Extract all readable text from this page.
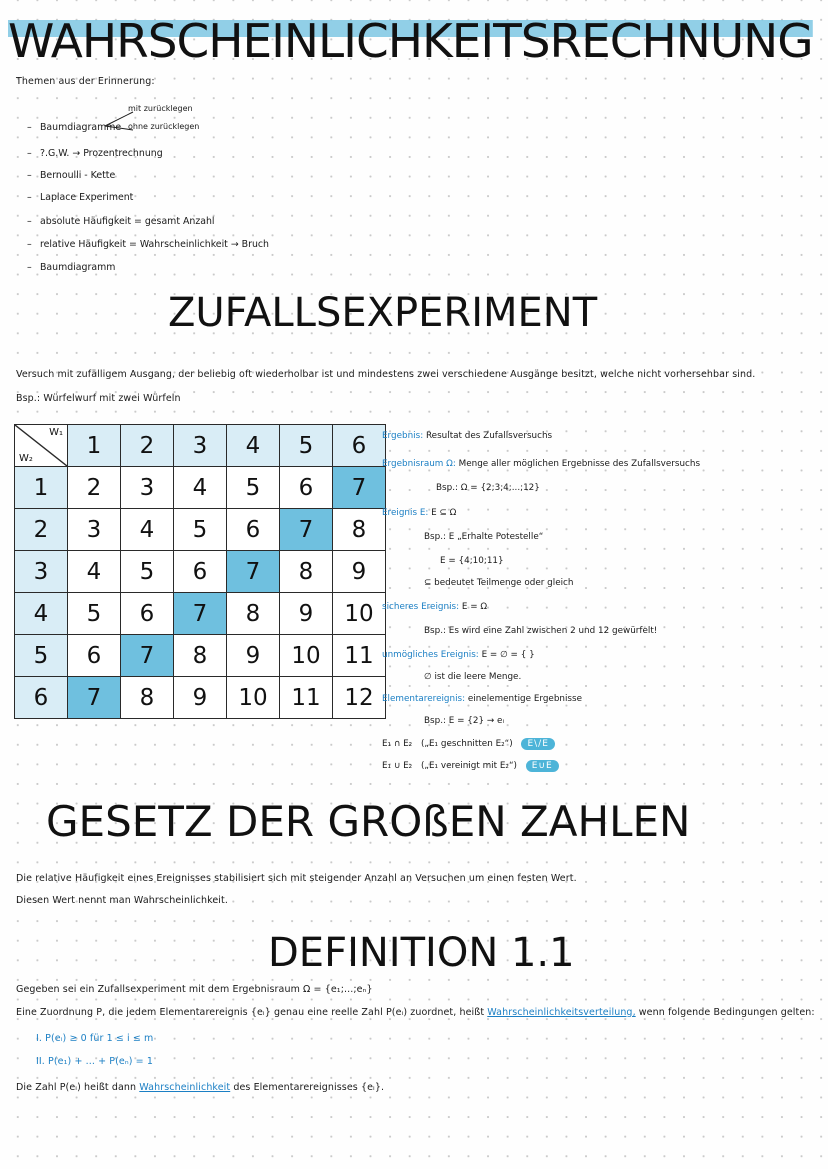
WAHRSCHEINLICHKEITSRECHNUNG
Themen aus der Erinnerung:
– Baumdiagramme
– ?.G.W. → Prozentrechnung
– Bernoulli - Kette
– Laplace Experiment
– absolute Häufigkeit = gesamt Anzahl
– relative Häufigkeit = Wahrscheinlichkeit → Bruch
– Baumdiagramm
mit zurücklegen
ohne zurücklegen
ZUFALLSEXPERIMENT
Versuch mit zufälligem Ausgang, der beliebig oft wiederholbar ist und mindestens zwei verschiedene Ausgänge besitzt, welche nicht vorhersehbar sind.
Bsp.: Würfelwurf mit zwei Würfeln
W₁
W₂	1	2	3	4	5	6
1	2	3	4	5	6	7
2	3	4	5	6	7	8
3	4	5	6	7	8	9
4	5	6	7	8	9	10
5	6	7	8	9	10	11
6	7	8	9	10	11	12
Ergebnis: Resultat des Zufallsversuchs
Ergebnisraum Ω: Menge aller möglichen Ergebnisse des Zufallsversuchs
Bsp.: Ω = {2;3;4;...;12}
Ereignis E: E ⊆ Ω
Bsp.: E „Erhalte Potestelle“
E = {4;10;11}
⊆ bedeutet Teilmenge oder gleich
sicheres Ereignis: E = Ω
Bsp.: Es wird eine Zahl zwischen 2 und 12 gewürfelt!
unmögliches Ereignis: E = ∅ = { }
∅ ist die leere Menge.
Elementarereignis: einelementige Ergebnisse
Bsp.: E = {2} → eᵢ
E₁ ∩ E₂ („E₁ geschnitten E₂“) E\/E
E₁ ∪ E₂ („E₁ vereinigt mit E₂“) E∪E
GESETZ DER GROßEN ZAHLEN
Die relative Häufigkeit eines Ereignisses stabilisiert sich mit steigender Anzahl an Versuchen um einen festen Wert.
Diesen Wert nennt man Wahrscheinlichkeit.
DEFINITION 1.1
Gegeben sei ein Zufallsexperiment mit dem Ergebnisraum Ω = {e₁;...;eₙ}
Eine Zuordnung P, die jedem Elementarereignis {eᵢ} genau eine reelle Zahl P(eᵢ) zuordnet, heißt Wahrscheinlichkeitsverteilung, wenn folgende Bedingungen gelten:
I. P(eᵢ) ≥ 0 für 1 ≤ i ≤ m
II. P(e₁) + ... + P(eₙ) = 1
Die Zahl P(eᵢ) heißt dann Wahrscheinlichkeit des Elementarereignisses {eᵢ}.
